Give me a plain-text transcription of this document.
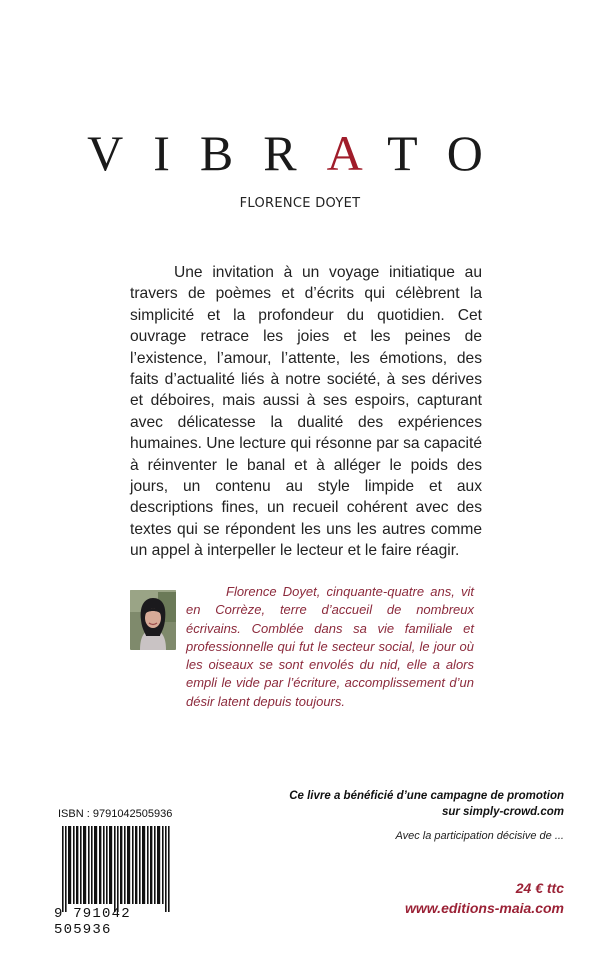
VIBRATO
FLORENCE DOYET

Une invitation à un voyage initiatique au travers de poèmes et d’écrits qui célèbrent la simplicité et la profondeur du quotidien. Cet ouvrage retrace les joies et les peines de l’existence, l’amour, l’attente, les émotions, des faits d’actualité liés à notre société, à ses dérives et déboires, mais aussi à ses espoirs, capturant avec délicatesse la dualité des expériences humaines. Une lecture qui résonne par sa capacité à réinventer le banal et à alléger le poids des jours, un contenu au style limpide et aux descriptions fines, un recueil cohérent avec des textes qui se répondent les uns les autres comme un appel à interpeller le lecteur et le faire réagir.

Florence Doyet, cinquante-quatre ans, vit en Corrèze, terre d’accueil de nombreux écrivains. Comblée dans sa vie familiale et professionnelle qui fut le secteur social, le jour où les oiseaux se sont envolés du nid, elle a alors empli le vide par l’écriture, accomplissement d’un désir latent depuis toujours.

ISBN : 9791042505936
9 791042 505936
Ce livre a bénéficié d’une campagne de promotion
sur simply-crowd.com
Avec la participation décisive de ...
24 € ttc
www.editions-maia.com
